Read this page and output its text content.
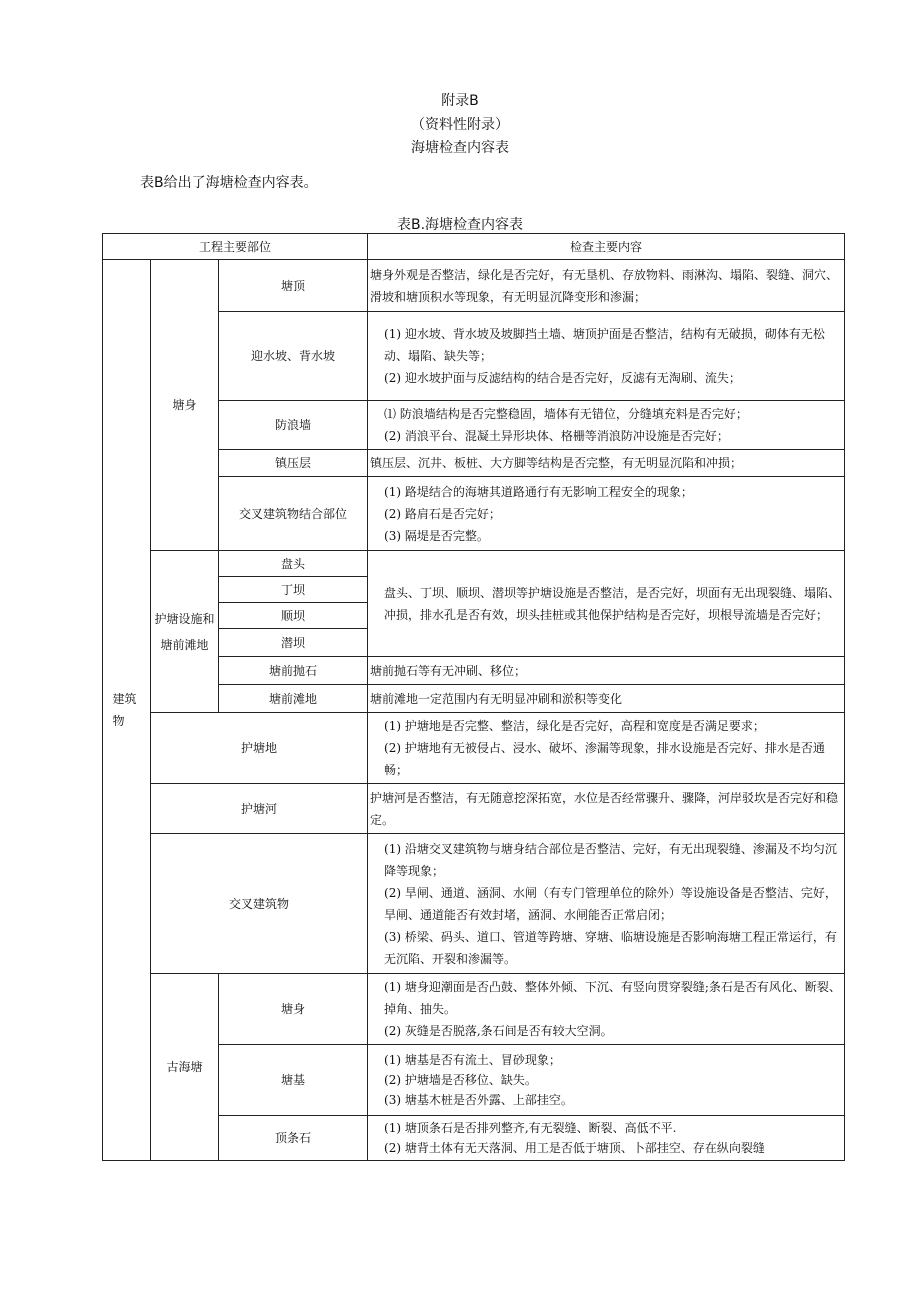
附录B
（资料性附录）
海塘检查内容表
表B给出了海塘检查内容表。
表B.海塘检查内容表
工程主要部位			检查主要内容

建筑物	塘身	塘顶	塘身外观是否整洁，绿化是否完好，有无垦机、存放物料、雨淋沟、塌陷、裂缝、洞穴、滑坡和塘顶积水等现象，有无明显沉降变形和渗漏；
		迎水坡、背水坡	(1) 迎水坡、背水坡及坡脚挡土墙、塘顶护面是否整洁，结构有无破损，砌体有无松动、塌陷、缺失等；
(2) 迎水坡护面与反滤结构的结合是否完好，反滤有无淘刷、流失；

		防浪墙	⑴ 防浪墙结构是否完整稳固，墙体有无错位，分缝填充料是否完好；
(2) 消浪平台、混凝土异形块体、格栅等消浪防冲设施是否完好；

		镇压层	镇压层、沉井、板桩、大方脚等结构是否完整，有无明显沉陷和冲损；
		交叉建筑物结合部位	(1) 路堤结合的海塘其道路通行有无影响工程安全的现象；
(2) 路肩石是否完好；
(3) 隔堤是否完整。

	护塘设施和塘前滩地	盘头	盘头、丁坝、顺坝、潜坝等护塘设施是否整洁，是否完好，坝面有无出现裂缝、塌陷、冲损，排水孔是否有效，坝头挂桩或其他保护结构是否完好，坝根导流墙是否完好；

		丁坝	
		顺坝	
		潜坝	
		塘前抛石	塘前抛石等有无冲刷、移位；
		塘前滩地	塘前滩地一定范围内有无明显冲刷和淤积等变化
	护塘地		(1) 护塘地是否完整、整洁，绿化是否完好，高程和宽度是否满足要求；
(2) 护塘地有无被侵占、浸水、破坏、渗漏等现象，排水设施是否完好、排水是否通畅；

	护塘河		护塘河是否整洁，有无随意挖深拓宽，水位是否经常骤升、骤降，河岸驳坎是否完好和稳定。
	交叉建筑物		(1) 沿塘交叉建筑物与塘身结合部位是否整洁、完好，有无出现裂缝、渗漏及不均匀沉降等现象；
(2) 旱闸、通道、涵洞、水闸（有专门管理单位的除外）等设施设备是否整洁、完好，旱闸、通道能否有效封堵，涵洞、水闸能否正常启闭；
(3) 桥梁、码头、道口、管道等跨塘、穿塘、临塘设施是否影响海塘工程正常运行，有无沉陷、开裂和渗漏等。

	古海塘	塘身	(1) 塘身迎潮面是否凸鼓、整体外倾、下沉、有竖向贯穿裂缝;条石是否有风化、断裂、掉角、抽失。
(2) 灰缝是否脱落,条石间是否有较大空洞。

		塘基	(1) 塘基是否有流土、冒砂现象；
(2) 护塘墙是否移位、缺失。
(3) 塘基木桩是否外露、上部挂空。

		顶条石	(1) 塘顶条石是否排列整齐,有无裂缝、断裂、高低不平.
(2) 塘背土体有无天落洞、用工是否低于塘顶、卜部挂空、存在纵向裂缝
